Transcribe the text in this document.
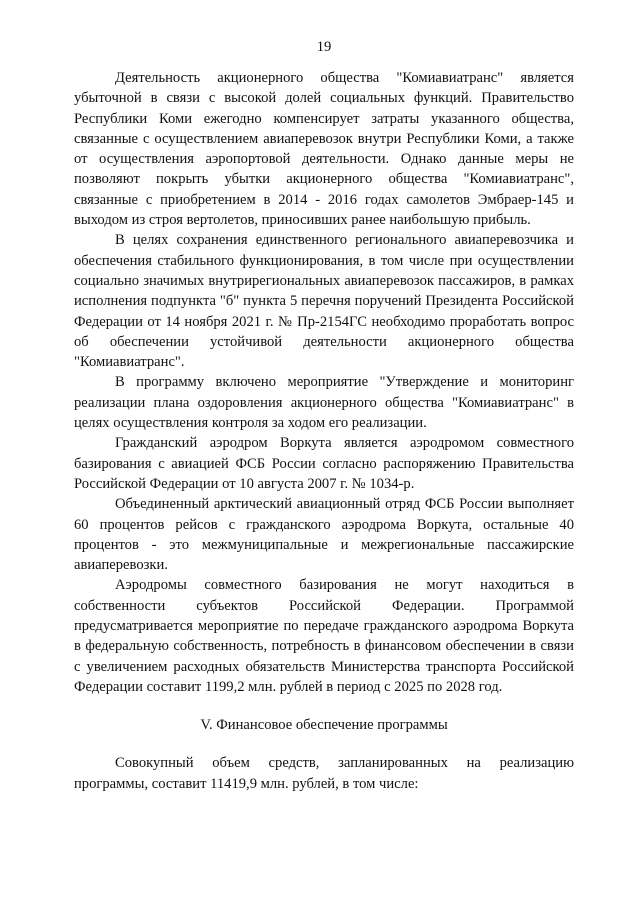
19

Деятельность акционерного общества "Комиавиатранс" является убыточной в связи с высокой долей социальных функций. Правительство Республики Коми ежегодно компенсирует затраты указанного общества, связанные с осуществлением авиаперевозок внутри Республики Коми, а также от осуществления аэропортовой деятельности. Однако данные меры не позволяют покрыть убытки акционерного общества "Комиавиатранс", связанные с приобретением в 2014 - 2016 годах самолетов Эмбраер-145 и выходом из строя вертолетов, приносивших ранее наибольшую прибыль.

В целях сохранения единственного регионального авиаперевозчика и обеспечения стабильного функционирования, в том числе при осуществлении социально значимых внутрирегиональных авиаперевозок пассажиров, в рамках исполнения подпункта "б" пункта 5 перечня поручений Президента Российской Федерации от 14 ноября 2021 г. № Пр-2154ГС необходимо проработать вопрос об обеспечении устойчивой деятельности акционерного общества "Комиавиатранс".

В программу включено мероприятие "Утверждение и мониторинг реализации плана оздоровления акционерного общества "Комиавиатранс" в целях осуществления контроля за ходом его реализации.

Гражданский аэродром Воркута является аэродромом совместного базирования с авиацией ФСБ России согласно распоряжению Правительства Российской Федерации от 10 августа 2007 г. № 1034-р.

Объединенный арктический авиационный отряд ФСБ России выполняет 60 процентов рейсов с гражданского аэродрома Воркута, остальные 40 процентов - это межмуниципальные и межрегиональные пассажирские авиаперевозки.

Аэродромы совместного базирования не могут находиться в собственности субъектов Российской Федерации. Программой предусматривается мероприятие по передаче гражданского аэродрома Воркута в федеральную собственность, потребность в финансовом обеспечении в связи с увеличением расходных обязательств Министерства транспорта Российской Федерации составит 1199,2 млн. рублей в период с 2025 по 2028 год.

V. Финансовое обеспечение программы

Совокупный объем средств, запланированных на реализацию программы, составит 11419,9 млн. рублей, в том числе:
